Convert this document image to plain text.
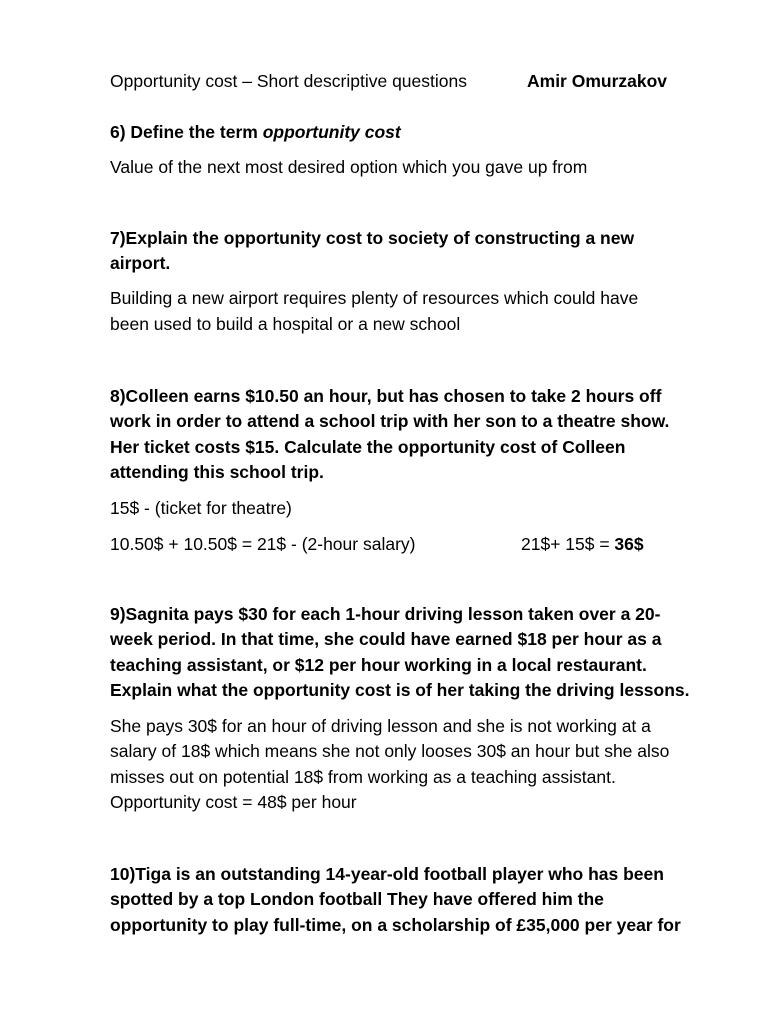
Opportunity cost – Short descriptive questions	Amir Omurzakov
6) Define the term opportunity cost
Value of the next most desired option which you gave up from
7)Explain the opportunity cost to society of constructing a new
airport.
Building a new airport requires plenty of resources which could have
been used to build a hospital or a new school
8)Colleen earns $10.50 an hour, but has chosen to take 2 hours off
work in order to attend a school trip with her son to a theatre show.
Her ticket costs $15. Calculate the opportunity cost of Colleen
attending this school trip.
15$ - (ticket for theatre)
10.50$ + 10.50$ = 21$ - (2-hour salary)	21$+ 15$ = 36$
9)Sagnita pays $30 for each 1-hour driving lesson taken over a 20-
week period. In that time, she could have earned $18 per hour as a
teaching assistant, or $12 per hour working in a local restaurant.
Explain what the opportunity cost is of her taking the driving lessons.
She pays 30$ for an hour of driving lesson and she is not working at a
salary of 18$ which means she not only looses 30$ an hour but she also
misses out on potential 18$ from working as a teaching assistant.
Opportunity cost = 48$ per hour
10)Tiga is an outstanding 14-year-old football player who has been
spotted by a top London football They have offered him the
opportunity to play full-time, on a scholarship of £35,000 per year for
